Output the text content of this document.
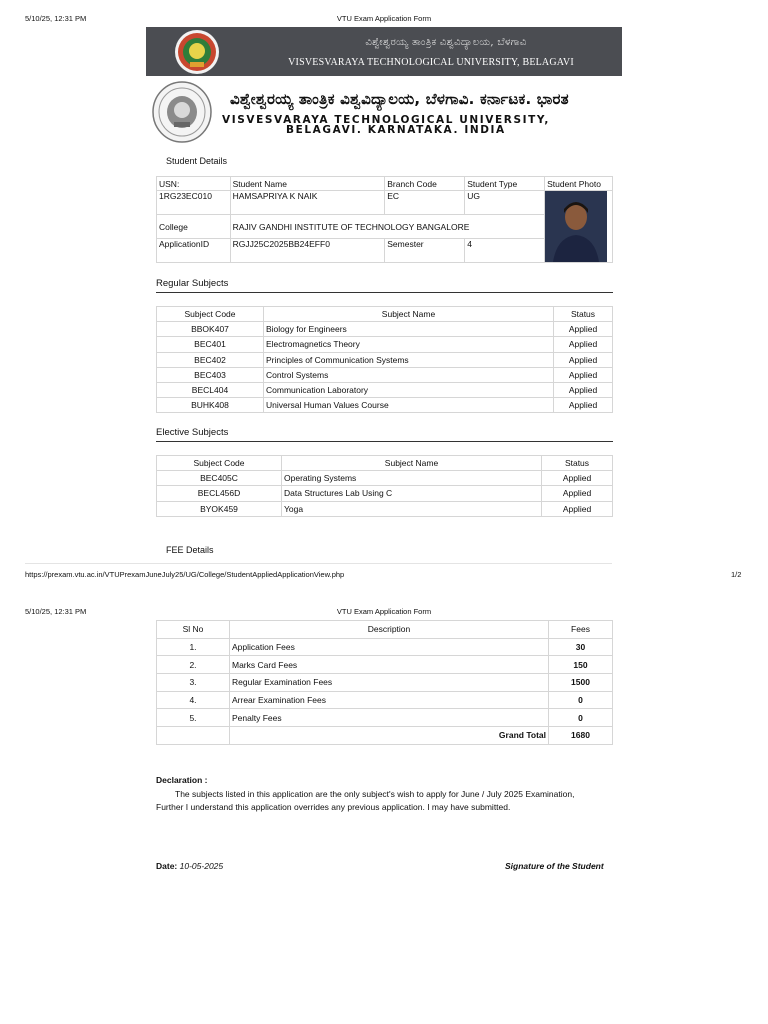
5/10/25, 12:31 PM	VTU Exam Application Form
ವಿಶ್ವೇಶ್ವರಯ್ಯ ತಾಂತ್ರಿಕ ವಿಶ್ವವಿದ್ಯಾಲಯ, ಬೆಳಗಾವಿ
VISVESVARAYA TECHNOLOGICAL UNIVERSITY, BELAGAVI
ವಿಶ್ವೇಶ್ವರಯ್ಯ ತಾಂತ್ರಿಕ ವಿಶ್ವವಿದ್ಯಾಲಯ, ಬೆಳಗಾವಿ. ಕರ್ನಾಟಕ. ಭಾರತ
VISVESVARAYA TECHNOLOGICAL UNIVERSITY,
BELAGAVI. KARNATAKA. INDIA
Student Details
USN:	Student Name	Branch Code	Student Type	Student Photo
1RG23EC010	HAMSAPRIYA K NAIK	EC	UG	

College	RAJIV GANDHI INSTITUTE OF TECHNOLOGY BANGALORE			
ApplicationID	RGJJ25C2025BB24EFF0	Semester	4	
Regular Subjects
Subject Code	Subject Name	Status
BBOK407	Biology for Engineers	Applied
BEC401	Electromagnetics Theory	Applied
BEC402	Principles of Communication Systems	Applied
BEC403	Control Systems	Applied
BECL404	Communication Laboratory	Applied
BUHK408	Universal Human Values Course	Applied
Elective Subjects
Subject Code	Subject Name	Status
BEC405C	Operating Systems	Applied
BECL456D	Data Structures Lab Using C	Applied
BYOK459	Yoga	Applied
FEE Details
https://prexam.vtu.ac.in/VTUPrexamJuneJuly25/UG/College/StudentAppliedApplicationView.php	1/2
5/10/25, 12:31 PM	VTU Exam Application Form
Sl No	Description	Fees
1.	Application Fees	30
2.	Marks Card Fees	150
3.	Regular Examination Fees	1500
4.	Arrear Examination Fees	0
5.	Penalty Fees	0
	Grand Total	1680
Declaration :
The subjects listed in this application are the only subject's wish to apply for June / July 2025 Examination,
Further I understand this application overrides any previous application. I may have submitted.
Date: 10-05-2025	Signature of the Student
